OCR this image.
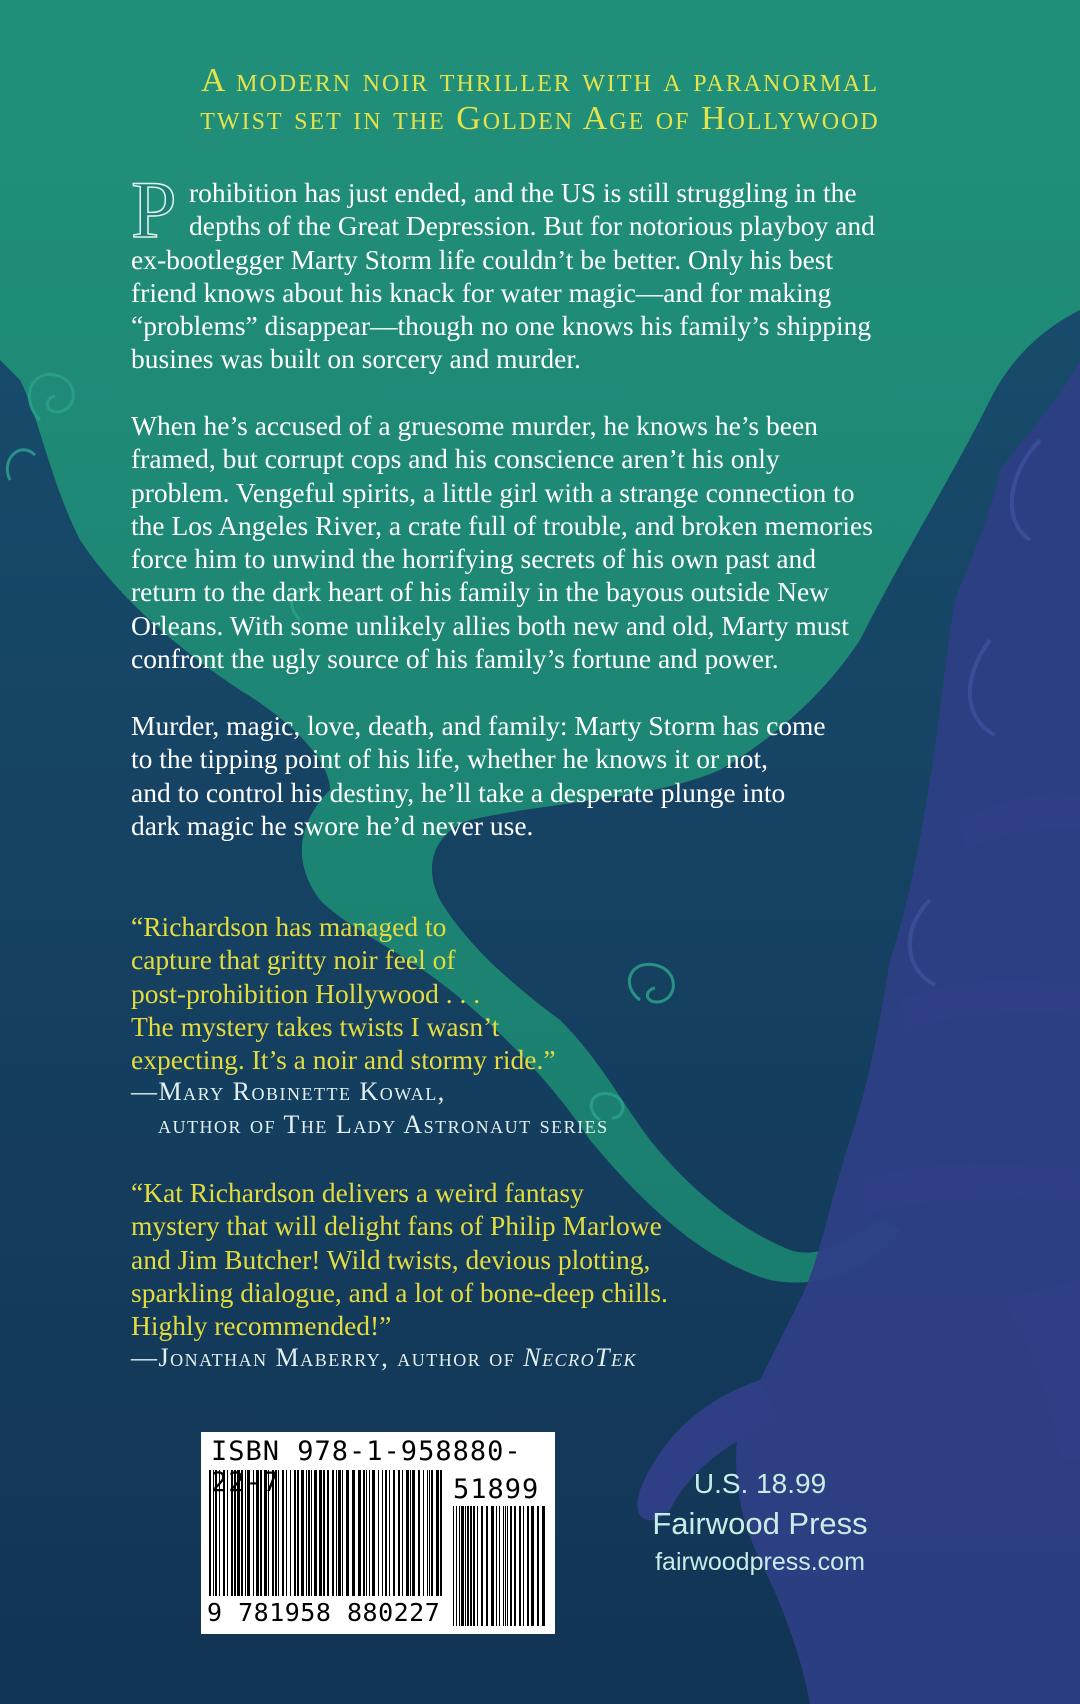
A modern noir thriller with a paranormal
twist set in the Golden Age of Hollywood
P rohibition has just ended, and the US is still struggling in the
depths of the Great Depression. But for notorious playboy and
ex-bootlegger Marty Storm life couldn’t be better. Only his best
friend knows about his knack for water magic—and for making
“problems” disappear—though no one knows his family’s shipping
busines was built on sorcery and murder.
When he’s accused of a gruesome murder, he knows he’s been
framed, but corrupt cops and his conscience aren’t his only
problem. Vengeful spirits, a little girl with a strange connection to
the Los Angeles River, a crate full of trouble, and broken memories
force him to unwind the horrifying secrets of his own past and
return to the dark heart of his family in the bayous outside New
Orleans. With some unlikely allies both new and old, Marty must
confront the ugly source of his family’s fortune and power.
Murder, magic, love, death, and family: Marty Storm has come
to the tipping point of his life, whether he knows it or not,
and to control his destiny, he’ll take a desperate plunge into
dark magic he swore he’d never use.
“Richardson has managed to
capture that gritty noir feel of
post-prohibition Hollywood . . .
The mystery takes twists I wasn’t
expecting. It’s a noir and stormy ride.”
—Mary Robinette Kowal,
author of The Lady Astronaut series
“Kat Richardson delivers a weird fantasy
mystery that will delight fans of Philip Marlowe
and Jim Butcher! Wild twists, devious plotting,
sparkling dialogue, and a lot of bone-deep chills.
Highly recommended!”
—Jonathan Maberry, author of NecroTek
ISBN 978-1-958880-22-7	51899
9 781958 880227
U.S. 18.99
Fairwood Press
fairwoodpress.com
